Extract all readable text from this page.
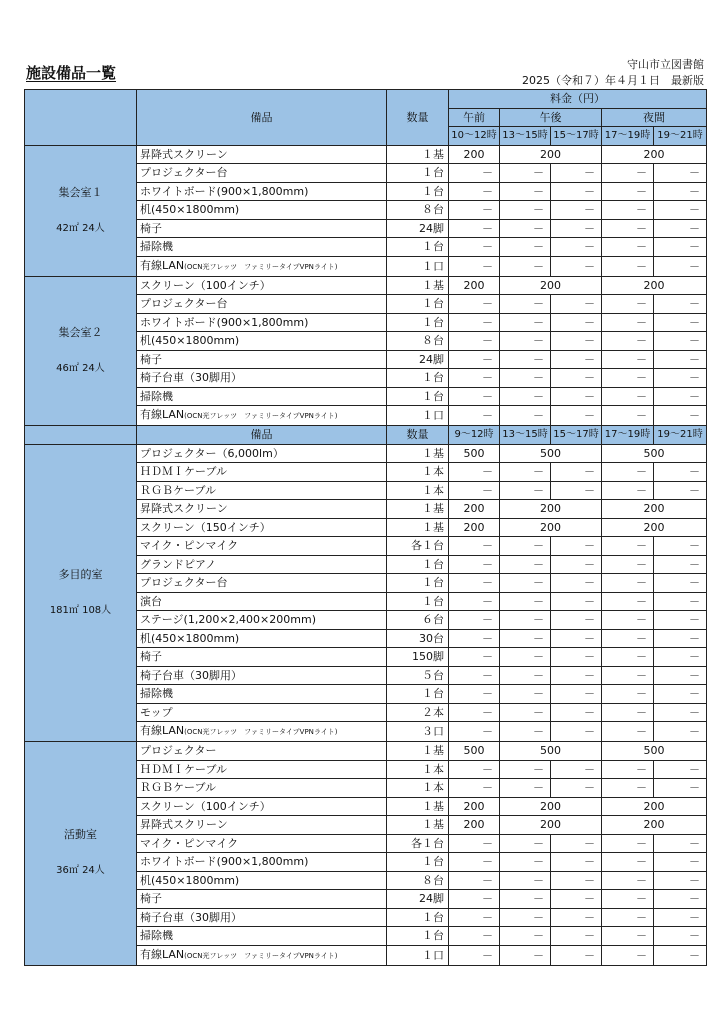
守山市立図書館
施設備品一覧	2025（令和７）年４月１日　最新版
	備品	数量	料金（円）				
			午前	午後		夜間	
			10～12時	13～15時	15～17時	17～19時	19～21時

集会室１
42㎡ 24人	昇降式スクリーン	１基	200	200		200	
	プロジェクター台	１台	－	－	－	－	－
	ホワイトボード(900×1,800mm)	１台	－	－	－	－	－
	机(450×1800mm)	８台	－	－	－	－	－
	椅子	24脚	－	－	－	－	－
	掃除機	１台	－	－	－	－	－
	有線LAN(OCN光フレッツ　ファミリータイプVPNライト)	１口	－	－	－	－	－

集会室２
46㎡ 24人	スクリーン（100インチ）	１基	200	200		200	
	プロジェクター台	１台	－	－	－	－	－
	ホワイトボード(900×1,800mm)	１台	－	－	－	－	－
	机(450×1800mm)	８台	－	－	－	－	－
	椅子	24脚	－	－	－	－	－
	椅子台車（30脚用）	１台	－	－	－	－	－
	掃除機	１台	－	－	－	－	－
	有線LAN(OCN光フレッツ　ファミリータイプVPNライト)	１口	－	－	－	－	－
	備品	数量	9～12時	13～15時	15～17時	17～19時	19～21時

多目的室
181㎡ 108人	プロジェクター（6,000lm）	１基	500	500		500	
	ＨＤＭＩケーブル	１本	－	－	－	－	－
	ＲＧＢケーブル	１本	－	－	－	－	－
	昇降式スクリーン	１基	200	200		200	
	スクリーン（150インチ）	１基	200	200		200	
	マイク・ピンマイク	各１台	－	－	－	－	－
	グランドピアノ	１台	－	－	－	－	－
	プロジェクター台	１台	－	－	－	－	－
	演台	１台	－	－	－	－	－
	ステージ(1,200×2,400×200mm)	６台	－	－	－	－	－
	机(450×1800mm)	30台	－	－	－	－	－
	椅子	150脚	－	－	－	－	－
	椅子台車（30脚用）	５台	－	－	－	－	－
	掃除機	１台	－	－	－	－	－
	モップ	２本	－	－	－	－	－
	有線LAN(OCN光フレッツ　ファミリータイプVPNライト)	３口	－	－	－	－	－

活動室
36㎡ 24人	プロジェクター	１基	500	500		500	
	ＨＤＭＩケーブル	１本	－	－	－	－	－
	ＲＧＢケーブル	１本	－	－	－	－	－
	スクリーン（100インチ）	１基	200	200		200	
	昇降式スクリーン	１基	200	200		200	
	マイク・ピンマイク	各１台	－	－	－	－	－
	ホワイトボード(900×1,800mm)	１台	－	－	－	－	－
	机(450×1800mm)	８台	－	－	－	－	－
	椅子	24脚	－	－	－	－	－
	椅子台車（30脚用）	１台	－	－	－	－	－
	掃除機	１台	－	－	－	－	－
	有線LAN(OCN光フレッツ　ファミリータイプVPNライト)	１口	－	－	－	－	－
